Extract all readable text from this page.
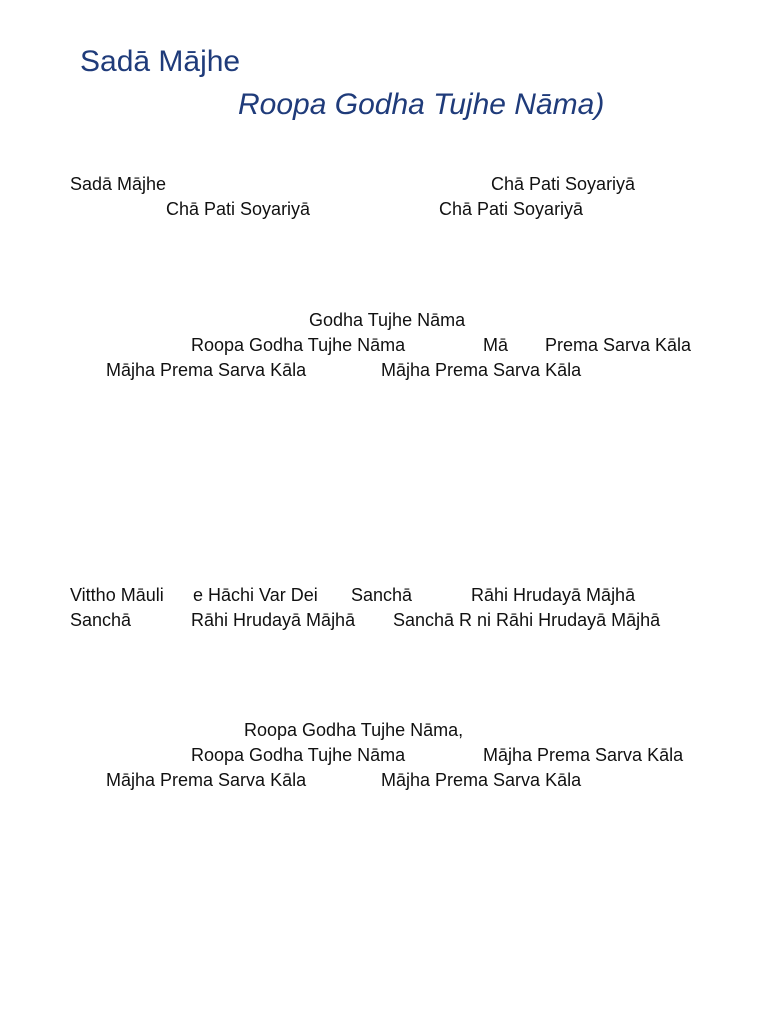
Sadā Mājhe
Roopa Godha Tujhe Nāma)
Sadā Mājhe	Chā Pati Soyariyā
Chā Pati Soyariyā	Chā Pati Soyariyā
Godha Tujhe Nāma
Roopa Godha Tujhe Nāma	Mā Prema Sarva Kāla
Mājha Prema Sarva Kāla	Mājha Prema Sarva Kāla
Vittho Māuli e Hāchi Var Dei Sanchā	Rāhi Hrudayā Mājhā
Sanchā	Rāhi Hrudayā Mājhā Sanchā R ni Rāhi Hrudayā Mājhā
Roopa Godha Tujhe Nāma,
Roopa Godha Tujhe Nāma	Mājha Prema Sarva Kāla
Mājha Prema Sarva Kāla	Mājha Prema Sarva Kāla
